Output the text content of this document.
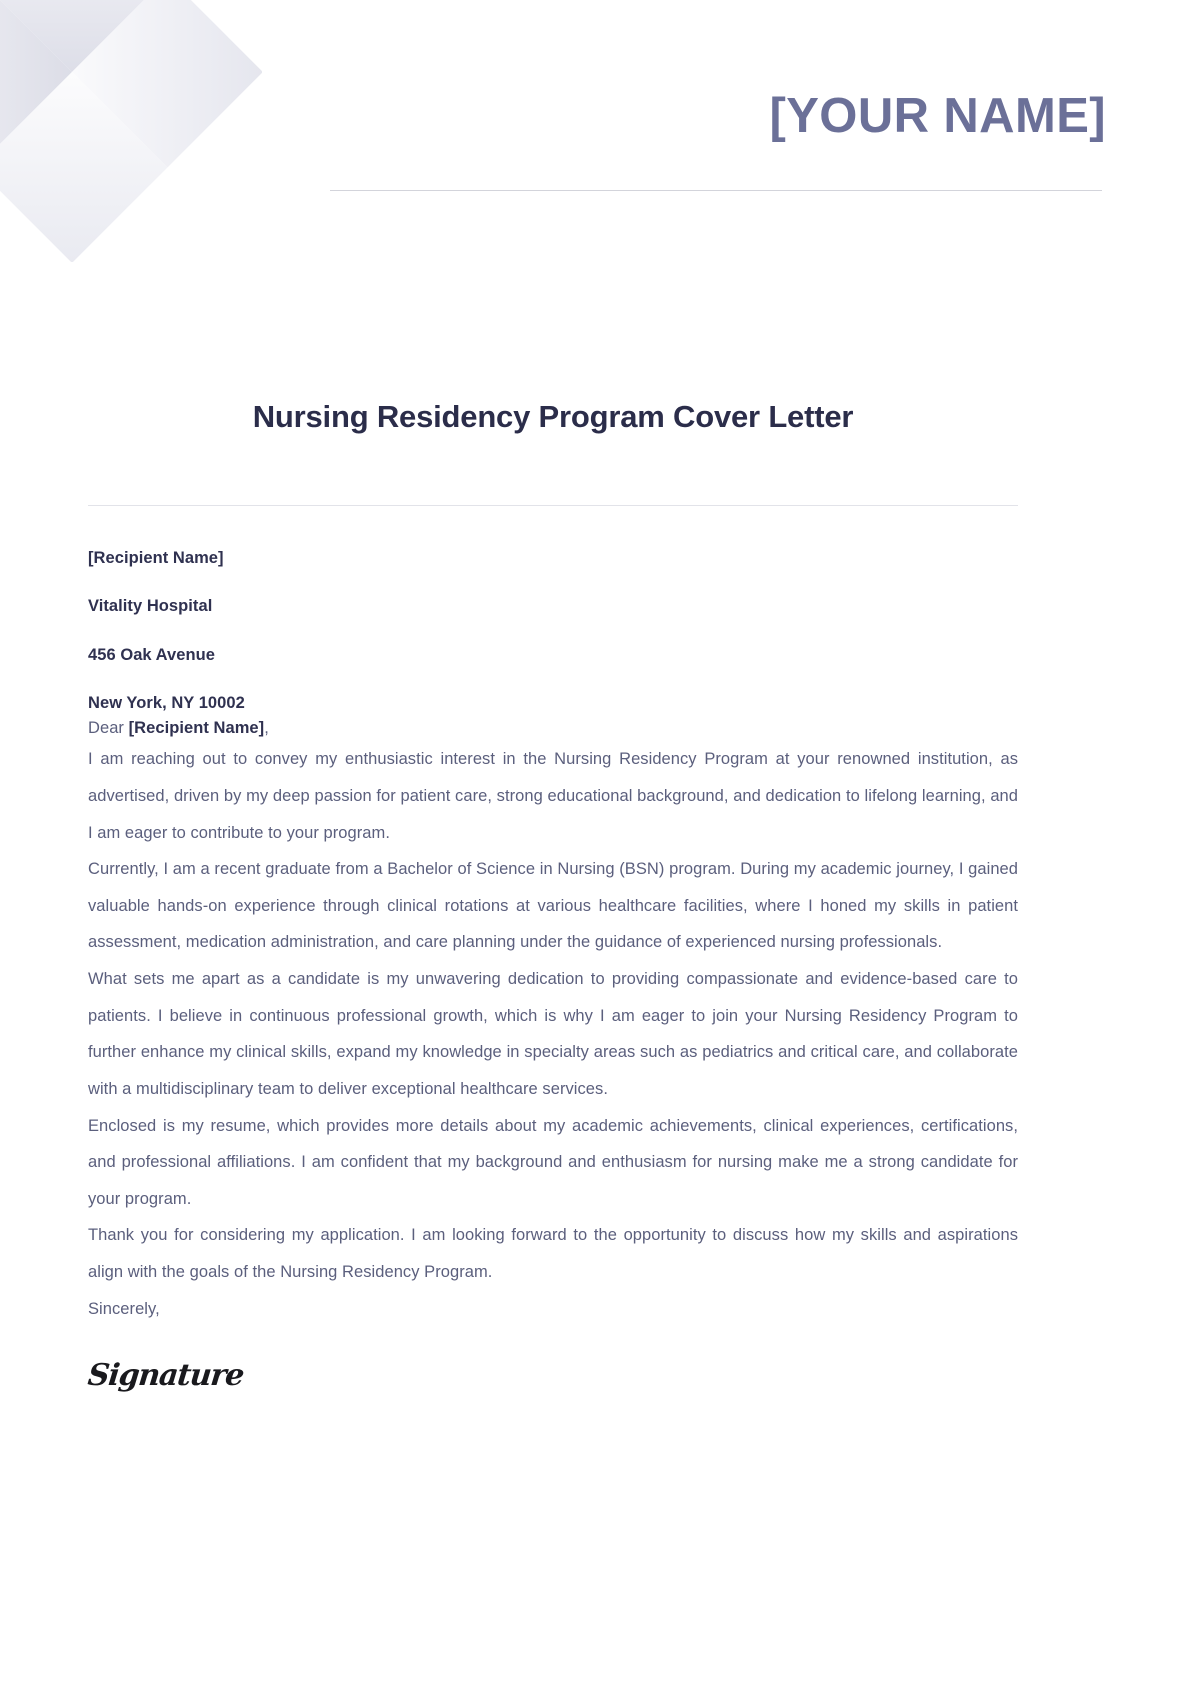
[YOUR NAME]
Nursing Residency Program Cover Letter

[Recipient Name]

Vitality Hospital

456 Oak Avenue

New York, NY 10002

Dear [Recipient Name],

I am reaching out to convey my enthusiastic interest in the Nursing Residency Program at your renowned institution, as advertised, driven by my deep passion for patient care, strong educational background, and dedication to lifelong learning, and I am eager to contribute to your program.

Currently, I am a recent graduate from a Bachelor of Science in Nursing (BSN) program. During my academic journey, I gained valuable hands-on experience through clinical rotations at various healthcare facilities, where I honed my skills in patient assessment, medication administration, and care planning under the guidance of experienced nursing professionals.

What sets me apart as a candidate is my unwavering dedication to providing compassionate and evidence-based care to patients. I believe in continuous professional growth, which is why I am eager to join your Nursing Residency Program to further enhance my clinical skills, expand my knowledge in specialty areas such as pediatrics and critical care, and collaborate with a multidisciplinary team to deliver exceptional healthcare services.

Enclosed is my resume, which provides more details about my academic achievements, clinical experiences, certifications, and professional affiliations. I am confident that my background and enthusiasm for nursing make me a strong candidate for your program.

Thank you for considering my application. I am looking forward to the opportunity to discuss how my skills and aspirations align with the goals of the Nursing Residency Program.

Sincerely,

Signature
